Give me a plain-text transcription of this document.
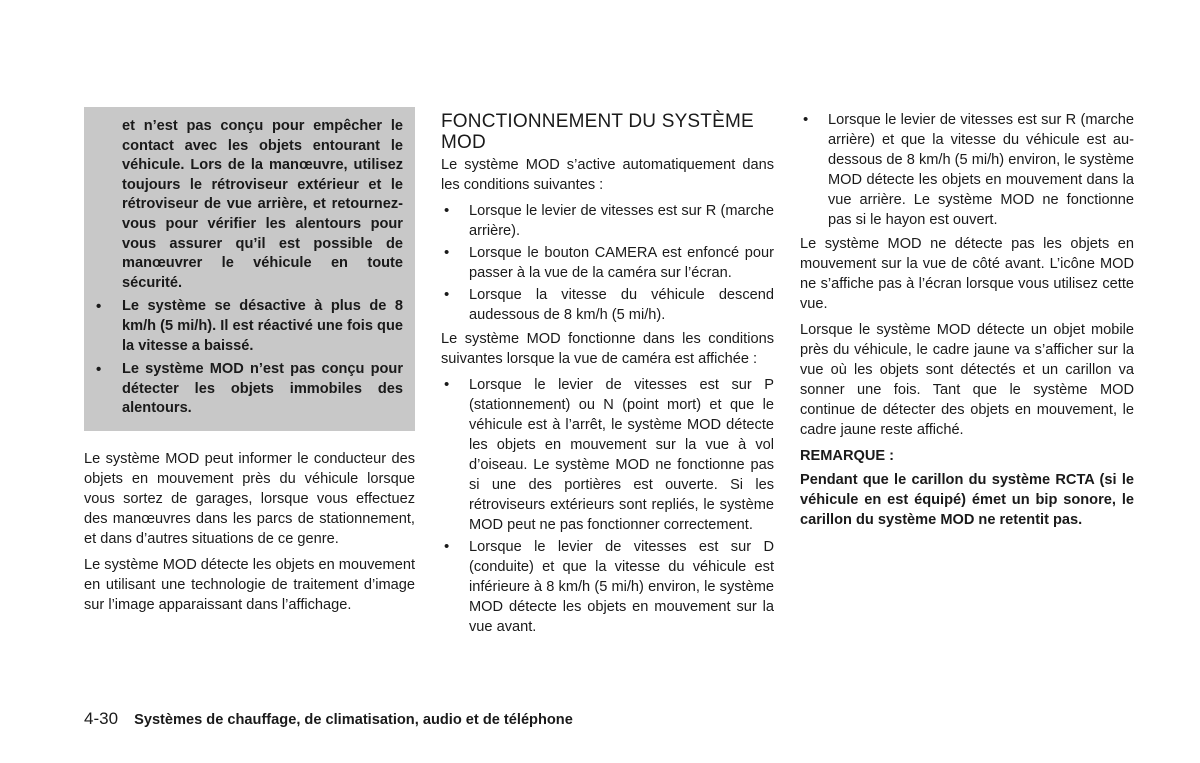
et n’est pas conçu pour empêcher le contact avec les objets entourant le véhicule. Lors de la manœuvre, utilisez toujours le rétroviseur extérieur et le rétroviseur de vue arrière, et retournez-vous pour vérifier les alentours pour vous assurer qu’il est possible de manœuvrer le véhicule en toute sécurité.

• Le système se désactive à plus de 8 km/h (5 mi/h). Il est réactivé une fois que la vitesse a baissé.
• Le système MOD n’est pas conçu pour détecter les objets immobiles des alentours.

Le système MOD peut informer le conducteur des objets en mouvement près du véhicule lorsque vous sortez de garages, lorsque vous effectuez des manœuvres dans les parcs de stationnement, et dans d’autres situations de ce genre.

Le système MOD détecte les objets en mouvement en utilisant une technologie de traitement d’image sur l’image apparaissant dans l’affichage.

FONCTIONNEMENT DU SYSTÈME MOD

Le système MOD s’active automatiquement dans les conditions suivantes :

• Lorsque le levier de vitesses est sur R (marche arrière).
• Lorsque le bouton CAMERA est enfoncé pour passer à la vue de la caméra sur l’écran.
• Lorsque la vitesse du véhicule descend audessous de 8 km/h (5 mi/h).

Le système MOD fonctionne dans les conditions suivantes lorsque la vue de caméra est affichée :

• Lorsque le levier de vitesses est sur P (stationnement) ou N (point mort) et que le véhicule est à l’arrêt, le système MOD détecte les objets en mouvement sur la vue à vol d’oiseau. Le système MOD ne fonctionne pas si une des portières est ouverte. Si les rétroviseurs extérieurs sont repliés, le système MOD peut ne pas fonctionner correctement.
• Lorsque le levier de vitesses est sur D (conduite) et que la vitesse du véhicule est inférieure à 8 km/h (5 mi/h) environ, le système MOD détecte les objets en mouvement sur la vue avant.
• Lorsque le levier de vitesses est sur R (marche arrière) et que la vitesse du véhicule est au-dessous de 8 km/h (5 mi/h) environ, le système MOD détecte les objets en mouvement dans la vue arrière. Le système MOD ne fonctionne pas si le hayon est ouvert.

Le système MOD ne détecte pas les objets en mouvement sur la vue de côté avant. L’icône MOD ne s’affiche pas à l’écran lorsque vous utilisez cette vue.

Lorsque le système MOD détecte un objet mobile près du véhicule, le cadre jaune va s’afficher sur la vue où les objets sont détectés et un carillon va sonner une fois. Tant que le système MOD continue de détecter des objets en mouvement, le cadre jaune reste affiché.

REMARQUE :

Pendant que le carillon du système RCTA (si le véhicule en est équipé) émet un bip sonore, le carillon du système MOD ne retentit pas.

4-30 Systèmes de chauffage, de climatisation, audio et de téléphone
